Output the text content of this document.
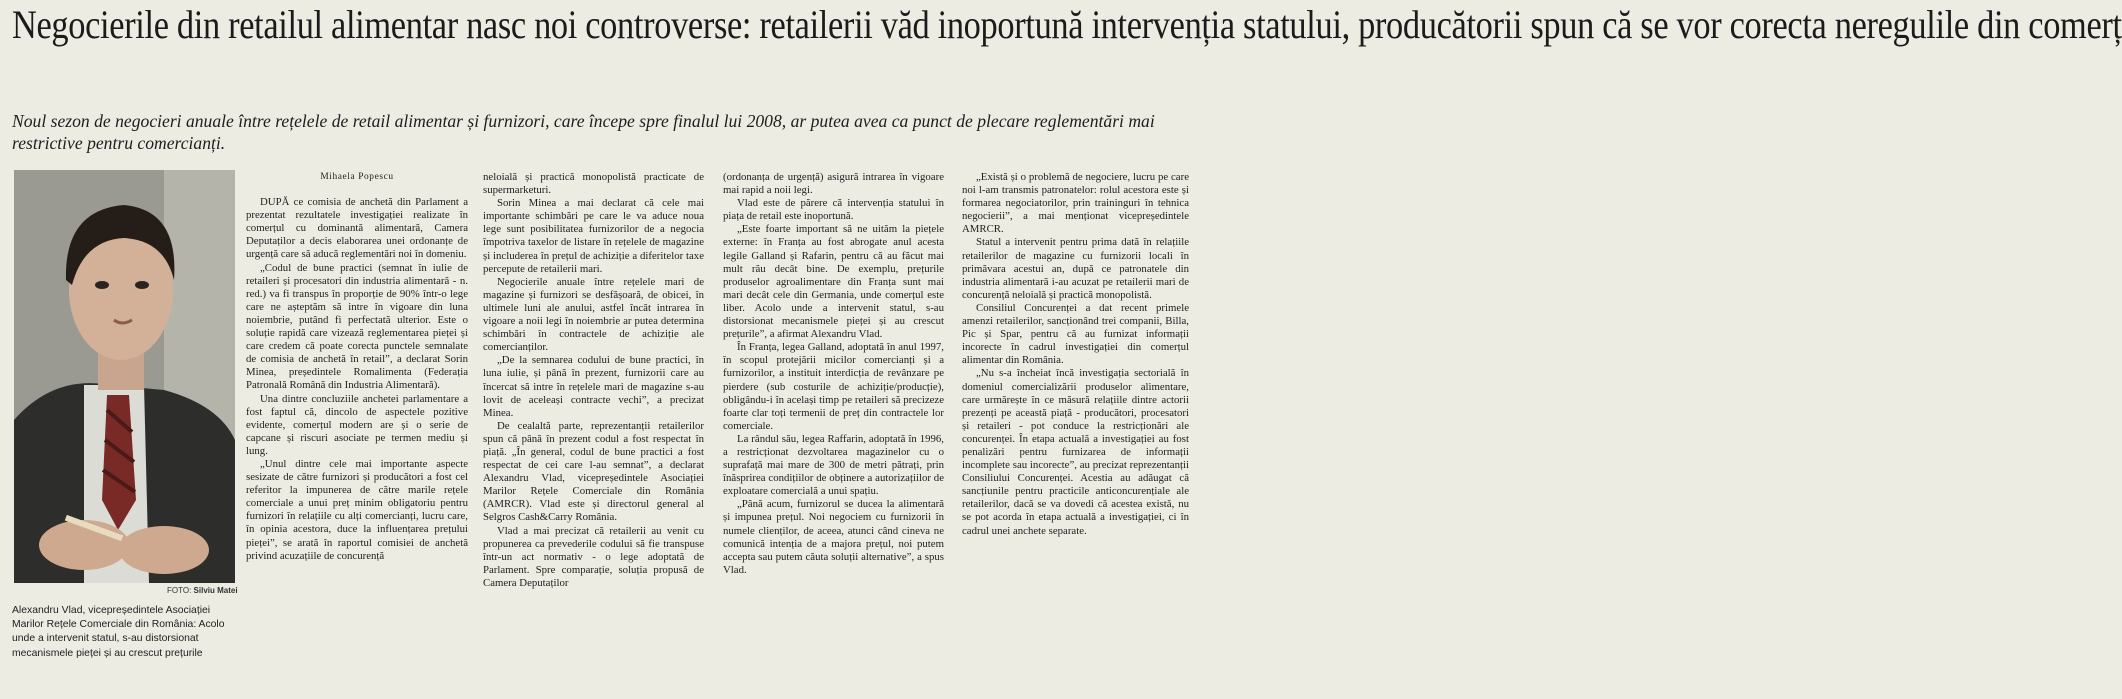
Negocierile din retailul alimentar nasc noi controverse: retailerii văd inoportună intervenția statului, producătorii spun că se vor corecta neregulile din comerț
Noul sezon de negocieri anuale între rețelele de retail alimentar și furnizori, care începe spre finalul lui 2008, ar putea avea ca punct de plecare reglementări mai restrictive pentru comercianți.
FOTO: Silviu Matei
Alexandru Vlad, vicepreședintele Asociației Marilor Rețele Comerciale din România: Acolo unde a intervenit statul, s-au distorsionat mecanismele pieței și au crescut prețurile

Mihaela Popescu

DUPĂ ce comisia de anchetă din Parlament a prezentat rezultatele investigației realizate în comerțul cu dominantă alimentară, Camera Deputaților a decis elaborarea unei ordonanțe de urgență care să aducă reglementări noi în domeniu.

„Codul de bune practici (semnat în iulie de retaileri și procesatori din industria alimentară - n. red.) va fi transpus în proporție de 90% într-o lege care ne așteptăm să intre în vigoare din luna noiembrie, putând fi perfectată ulterior. Este o soluție rapidă care vizează reglementarea pieței și care credem că poate corecta punctele semnalate de comisia de anchetă în retail”, a declarat Sorin Minea, președintele Romalimenta (Federația Patronală Română din Industria Alimentară).

Una dintre concluziile anchetei parlamentare a fost faptul că, dincolo de aspectele pozitive evidente, comerțul modern are și o serie de capcane și riscuri asociate pe termen mediu și lung.

„Unul dintre cele mai importante aspecte sesizate de către furnizori și producători a fost cel referitor la impunerea de către marile rețele comerciale a unui preț minim obligatoriu pentru furnizori în relațiile cu alți comercianți, lucru care, în opinia acestora, duce la influențarea prețului pieței”, se arată în raportul comisiei de anchetă privind acuzațiile de concurență

neloială și practică monopolistă practicate de supermarketuri.

Sorin Minea a mai declarat că cele mai importante schimbări pe care le va aduce noua lege sunt posibilitatea furnizorilor de a negocia împotriva taxelor de listare în rețelele de magazine și includerea în prețul de achiziție a diferitelor taxe percepute de retailerii mari.

Negocierile anuale între rețelele mari de magazine și furnizori se desfășoară, de obicei, în ultimele luni ale anului, astfel încât intrarea în vigoare a noii legi în noiembrie ar putea determina schimbări în contractele de achiziție ale comercianților.

„De la semnarea codului de bune practici, în luna iulie, și până în prezent, furnizorii care au încercat să intre în rețelele mari de magazine s-au lovit de aceleași contracte vechi”, a precizat Minea.

De cealaltă parte, reprezentanții retailerilor spun că până în prezent codul a fost respectat în piață. „În general, codul de bune practici a fost respectat de cei care l-au semnat”, a declarat Alexandru Vlad, vicepreședintele Asociației Marilor Rețele Comerciale din România (AMRCR). Vlad este și directorul general al Selgros Cash&Carry România.

Vlad a mai precizat că retailerii au venit cu propunerea ca prevederile codului să fie transpuse într-un act normativ - o lege adoptată de Parlament. Spre comparație, soluția propusă de Camera Deputaților

(ordonanța de urgență) asigură intrarea în vigoare mai rapid a noii legi.

Vlad este de părere că intervenția statului în piața de retail este inoportună.

„Este foarte important să ne uităm la piețele externe: în Franța au fost abrogate anul acesta legile Galland și Rafarin, pentru că au făcut mai mult rău decât bine. De exemplu, prețurile produselor agroalimentare din Franța sunt mai mari decât cele din Germania, unde comerțul este liber. Acolo unde a intervenit statul, s-au distorsionat mecanismele pieței și au crescut prețurile”, a afirmat Alexandru Vlad.

În Franța, legea Galland, adoptată în anul 1997, în scopul protejării micilor comercianți și a furnizorilor, a instituit interdicția de revânzare pe pierdere (sub costurile de achiziție/producție), obligându-i în același timp pe retaileri să precizeze foarte clar toți termenii de preț din contractele lor comerciale.

La rândul său, legea Raffarin, adoptată în 1996, a restricționat dezvoltarea magazinelor cu o suprafață mai mare de 300 de metri pătrați, prin înăsprirea condițiilor de obținere a autorizațiilor de exploatare comercială a unui spațiu.

„Până acum, furnizorul se ducea la alimentară și impunea prețul. Noi negociem cu furnizorii în numele clienților, de aceea, atunci când cineva ne comunică intenția de a majora prețul, noi putem accepta sau putem căuta soluții alternative”, a spus Vlad.

„Există și o problemă de negociere, lucru pe care noi l-am transmis patronatelor: rolul acestora este și formarea negociatorilor, prin traininguri în tehnica negocierii”, a mai menționat vicepreședintele AMRCR.

Statul a intervenit pentru prima dată în relațiile retailerilor de magazine cu furnizorii locali în primăvara acestui an, după ce patronatele din industria alimentară i-au acuzat pe retailerii mari de concurență neloială și practică monopolistă.

Consiliul Concurenței a dat recent primele amenzi retailerilor, sancționând trei companii, Billa, Pic și Spar, pentru că au furnizat informații incorecte în cadrul investigației din comerțul alimentar din România.

„Nu s-a încheiat încă investigația sectorială în domeniul comercializării produselor alimentare, care urmărește în ce măsură relațiile dintre actorii prezenți pe această piață - producători, procesatori și retaileri - pot conduce la restricționări ale concurenței. În etapa actuală a investigației au fost penalizări pentru furnizarea de informații incomplete sau incorecte”, au precizat reprezentanții Consiliului Concurenței. Acestia au adăugat că sancțiunile pentru practicile anticoncurențiale ale retailerilor, dacă se va dovedi că acestea există, nu se pot acorda în etapa actuală a investigației, ci în cadrul unei anchete separate.
